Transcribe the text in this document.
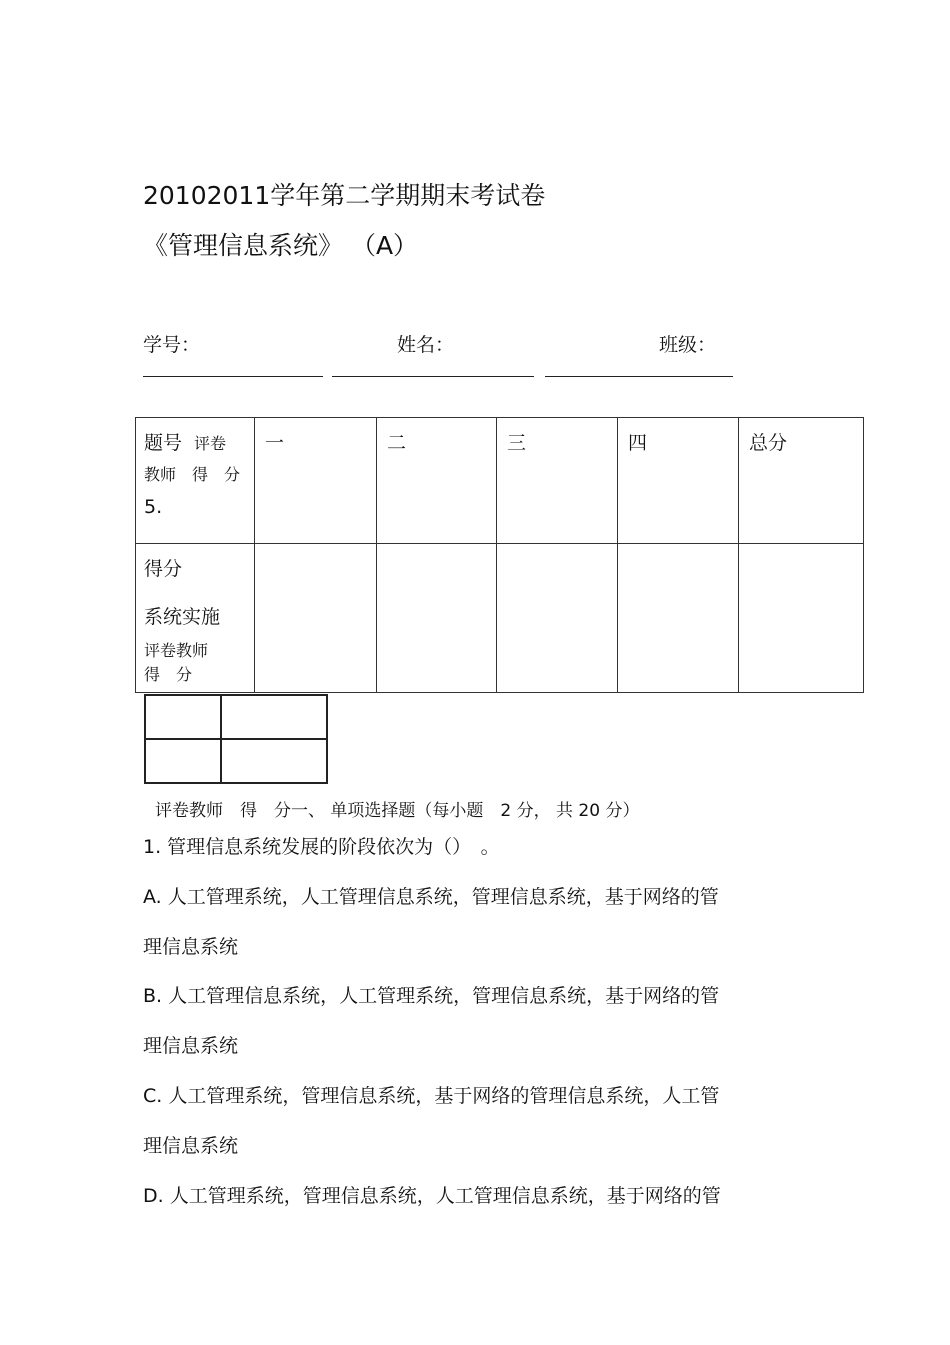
20102011学年第二学期期末考试卷
《管理信息系统》 （A）
学号：	姓名：	班级：
题号 评卷
教师　得　分
5.	一	二	三	四	总分

得分
系统实施
评卷教师
得　分					

评卷教师　得　分一、 单项选择题（每小题　2 分， 共 20 分）
1. 管理信息系统发展的阶段依次为（）　。
A. 人工管理系统，人工管理信息系统，管理信息系统，基于网络的管
理信息系统
B. 人工管理信息系统，人工管理系统，管理信息系统，基于网络的管
理信息系统
C. 人工管理系统，管理信息系统，基于网络的管理信息系统，人工管
理信息系统
D. 人工管理系统，管理信息系统，人工管理信息系统，基于网络的管
